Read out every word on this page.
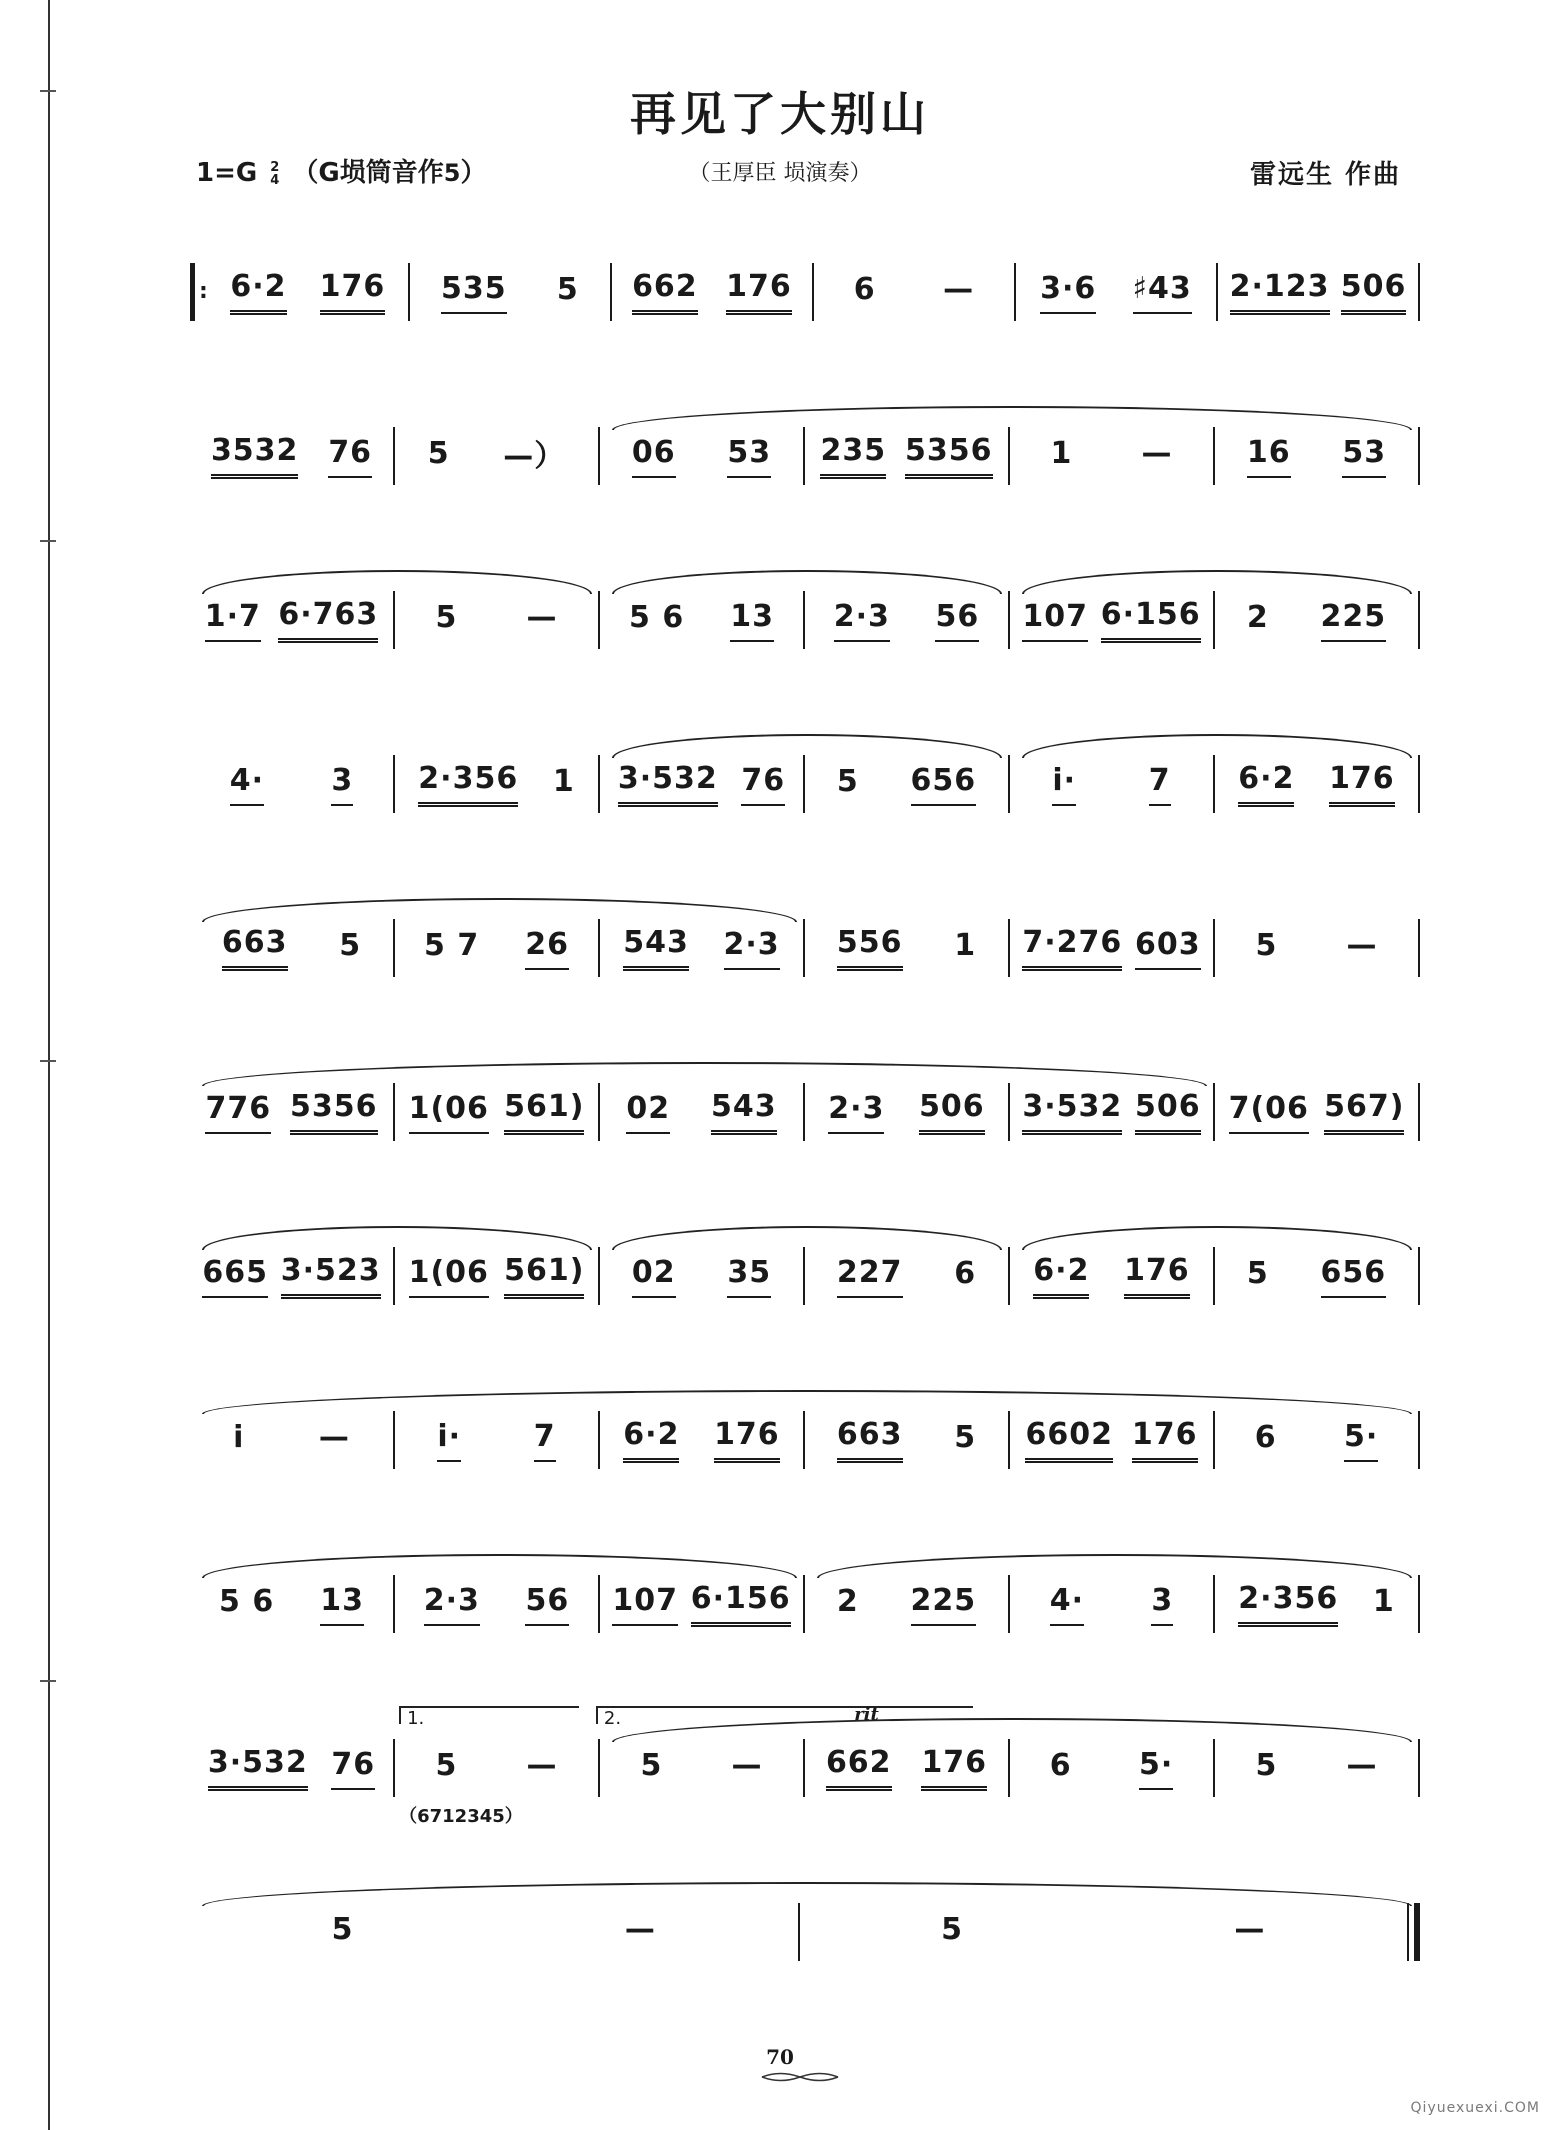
再见了大别山
1=G 2
4 （G埙筒音作5）	（王厚臣 埙演奏）	雷远生 作曲
: 6·2 176 535 5 662 176 6 — 3·6 ♯43 2·123 506
3532 76 5 —） 06 53 235 5356 1 — 16 53
1·7 6·763 5 — 5 6 13 2·3 56 107 6·156 2 225
4· 3 2·356 1 3·532 76 5 656	i· 7 6·2 176
663 5 5 7 26 543 2·3 556 1 7·276 603 5 —
776 5356 1(06 561) 02 543 2·3 506 3·532 506 7(06 567)
665 3·523 1(06 561) 02 35 227 6 6·2 176 5 656
i —	i· 7 6·2 176 663 5 6602 176 6 5·
5 6 13 2·3 56 107 6·156 2 225 4· 3 2·356 1
3·532 76 5 —	5 — 662 176 6 5·	5 —
1.	2.	rit
（6712345）
5	—	5	—
70
Qiyuexuexi.COM
